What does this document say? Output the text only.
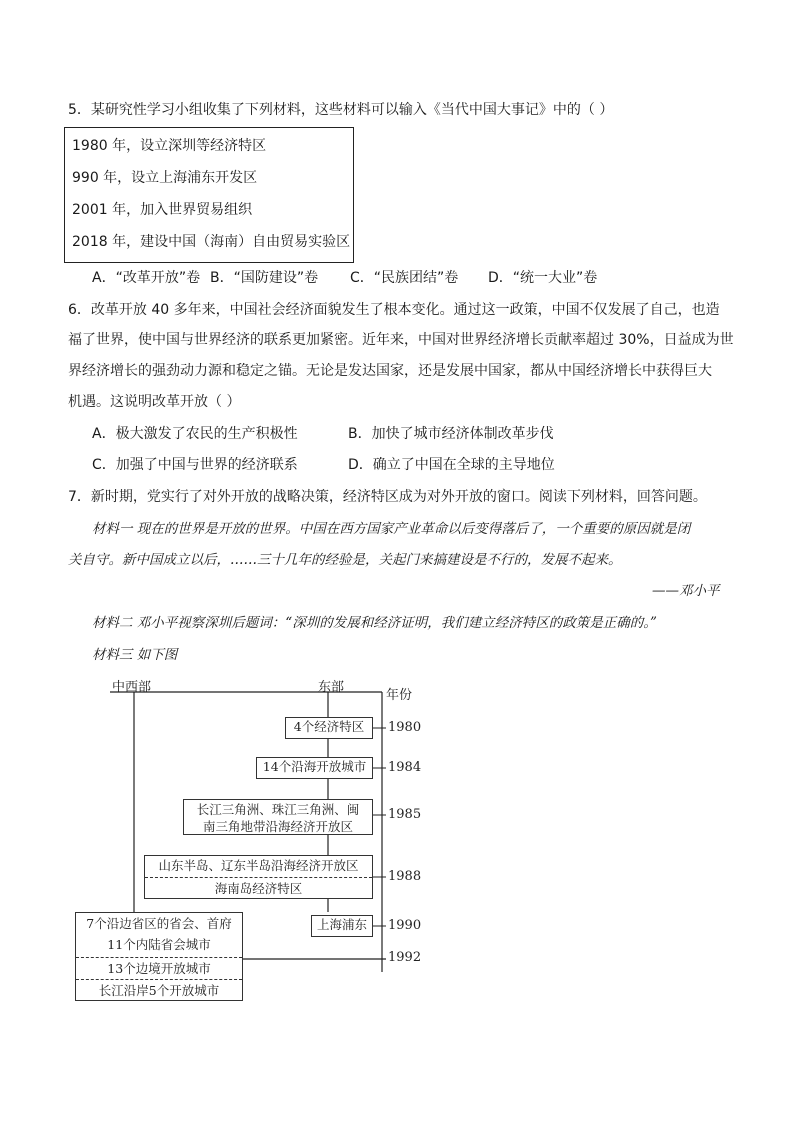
5．某研究性学习小组收集了下列材料，这些材料可以输入《当代中国大事记》中的（ ）
1980 年，设立深圳等经济特区
990 年，设立上海浦东开发区
2001 年，加入世界贸易组织
2018 年，建设中国（海南）自由贸易实验区
A．“改革开放”卷 B．“国防建设”卷 C．“民族团结”卷 D．“统一大业”卷
6．改革开放 40 多年来，中国社会经济面貌发生了根本变化。通过这一政策，中国不仅发展了自己，也造
福了世界，使中国与世界经济的联系更加紧密。近年来，中国对世界经济增长贡献率超过 30%，日益成为世
界经济增长的强劲动力源和稳定之锚。无论是发达国家，还是发展中国家，都从中国经济增长中获得巨大
机遇。这说明改革开放（ ）
A．极大激发了农民的生产积极性	B．加快了城市经济体制改革步伐
C．加强了中国与世界的经济联系	D．确立了中国在全球的主导地位
7．新时期，党实行了对外开放的战略决策，经济特区成为对外开放的窗口。阅读下列材料，回答问题。
材料一 现在的世界是开放的世界。中国在西方国家产业革命以后变得落后了，一个重要的原因就是闭
关自守。新中国成立以后，……三十几年的经验是，关起门来搞建设是不行的，发展不起来。
——邓小平
材料二 邓小平视察深圳后题词：“深圳的发展和经济证明，我们建立经济特区的政策是正确的。”
材料三 如下图
中西部	东部
年份
1980
1984
1985
1988
1990
1992
4个经济特区
14个沿海开放城市
长江三角洲、珠江三角洲、闽
南三角地带沿海经济开放区
山东半岛、辽东半岛沿海经济开放区
海南岛经济特区
上海浦东
7个沿边省区的省会、首府
11个内陆省会城市
13个边境开放城市
长江沿岸5个开放城市
